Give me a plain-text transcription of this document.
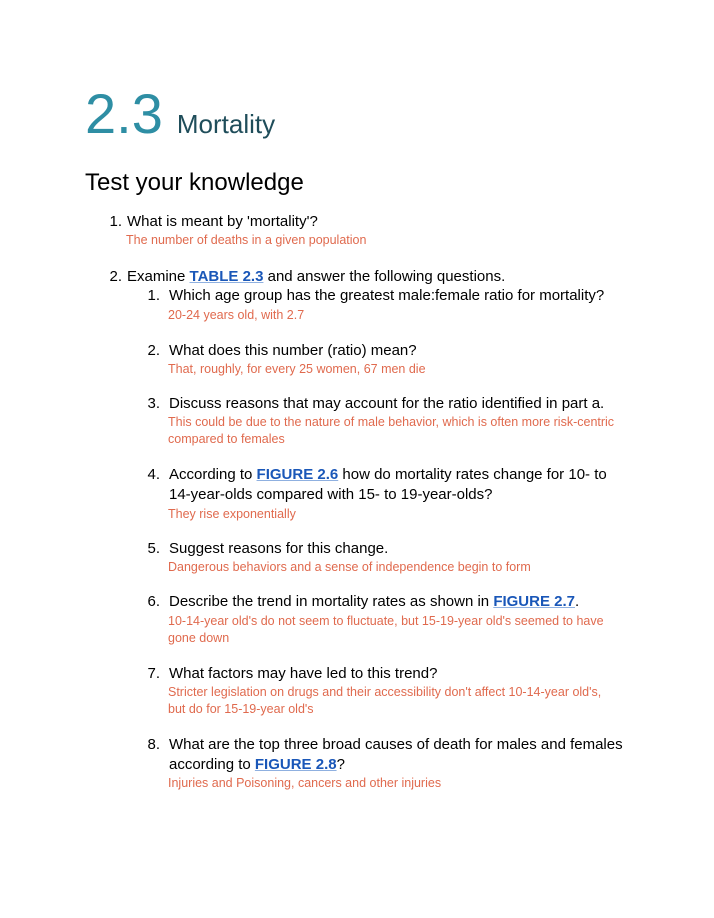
2.3 Mortality
Test your knowledge
1. What is meant by 'mortality'?
The number of deaths in a given population
2. Examine TABLE 2.3 and answer the following questions.
1. Which age group has the greatest male:female ratio for mortality?
20-24 years old, with 2.7
2. What does this number (ratio) mean?
That, roughly, for every 25 women, 67 men die
3. Discuss reasons that may account for the ratio identified in part a.
This could be due to the nature of male behavior, which is often more risk-centric
compared to females
4. According to FIGURE 2.6 how do mortality rates change for 10- to
14-year-olds compared with 15- to 19-year-olds?
They rise exponentially
5. Suggest reasons for this change.
Dangerous behaviors and a sense of independence begin to form
6. Describe the trend in mortality rates as shown in FIGURE 2.7.
10-14-year old's do not seem to fluctuate, but 15-19-year old's seemed to have
gone down
7. What factors may have led to this trend?
Stricter legislation on drugs and their accessibility don't affect 10-14-year old's,
but do for 15-19-year old's
8. What are the top three broad causes of death for males and females
according to FIGURE 2.8?
Injuries and Poisoning, cancers and other injuries
